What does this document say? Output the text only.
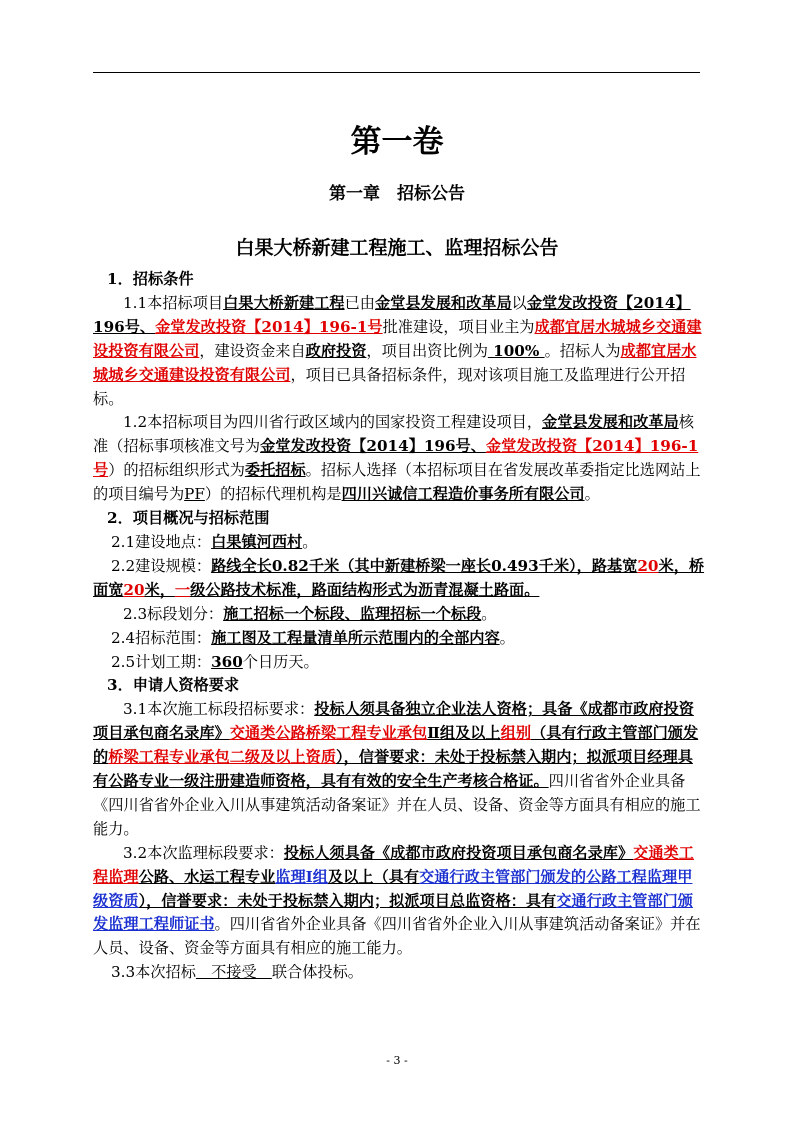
第一卷
第一章　招标公告
白果大桥新建工程施工、监理招标公告

1．招标条件

1.1本招标项目白果大桥新建工程已由金堂县发展和改革局以金堂发改投资【2014】196号、金堂发改投资【2014】196-1号批准建设，项目业主为成都宜居水城城乡交通建设投资有限公司，建设资金来自政府投资，项目出资比例为 100% 。招标人为成都宜居水城城乡交通建设投资有限公司，项目已具备招标条件，现对该项目施工及监理进行公开招标。

1.2本招标项目为四川省行政区域内的国家投资工程建设项目，金堂县发展和改革局核准（招标事项核准文号为金堂发改投资【2014】196号、金堂发改投资【2014】196-1号）的招标组织形式为委托招标。招标人选择（本招标项目在省发展改革委指定比选网站上的项目编号为PF）的招标代理机构是四川兴诚信工程造价事务所有限公司。

2．项目概况与招标范围

2.1建设地点：白果镇河西村。

2.2建设规模：路线全长0.82千米（其中新建桥梁一座长0.493千米），路基宽20米，桥面宽20米，一级公路技术标准，路面结构形式为沥青混凝土路面。

2.3标段划分：施工招标一个标段、监理招标一个标段。

2.4招标范围：施工图及工程量清单所示范围内的全部内容。

2.5计划工期：360个日历天。

3．申请人资格要求

3.1本次施工标段招标要求：投标人须具备独立企业法人资格；具备《成都市政府投资项目承包商名录库》交通类公路桥梁工程专业承包Ⅱ组及以上组别（具有行政主管部门颁发的桥梁工程专业承包二级及以上资质），信誉要求：未处于投标禁入期内；拟派项目经理具有公路专业一级注册建造师资格，具有有效的安全生产考核合格证。四川省省外企业具备《四川省省外企业入川从事建筑活动备案证》并在人员、设备、资金等方面具有相应的施工能力。

3.2本次监理标段要求：投标人须具备《成都市政府投资项目承包商名录库》交通类工程监理公路、水运工程专业监理Ⅰ组及以上（具有交通行政主管部门颁发的公路工程监理甲级资质），信誉要求：未处于投标禁入期内；拟派项目总监资格：具有交通行政主管部门颁发监理工程师证书。四川省省外企业具备《四川省省外企业入川从事建筑活动备案证》并在人员、设备、资金等方面具有相应的施工能力。

3.3本次招标　不接受　联合体投标。

- 3 -
